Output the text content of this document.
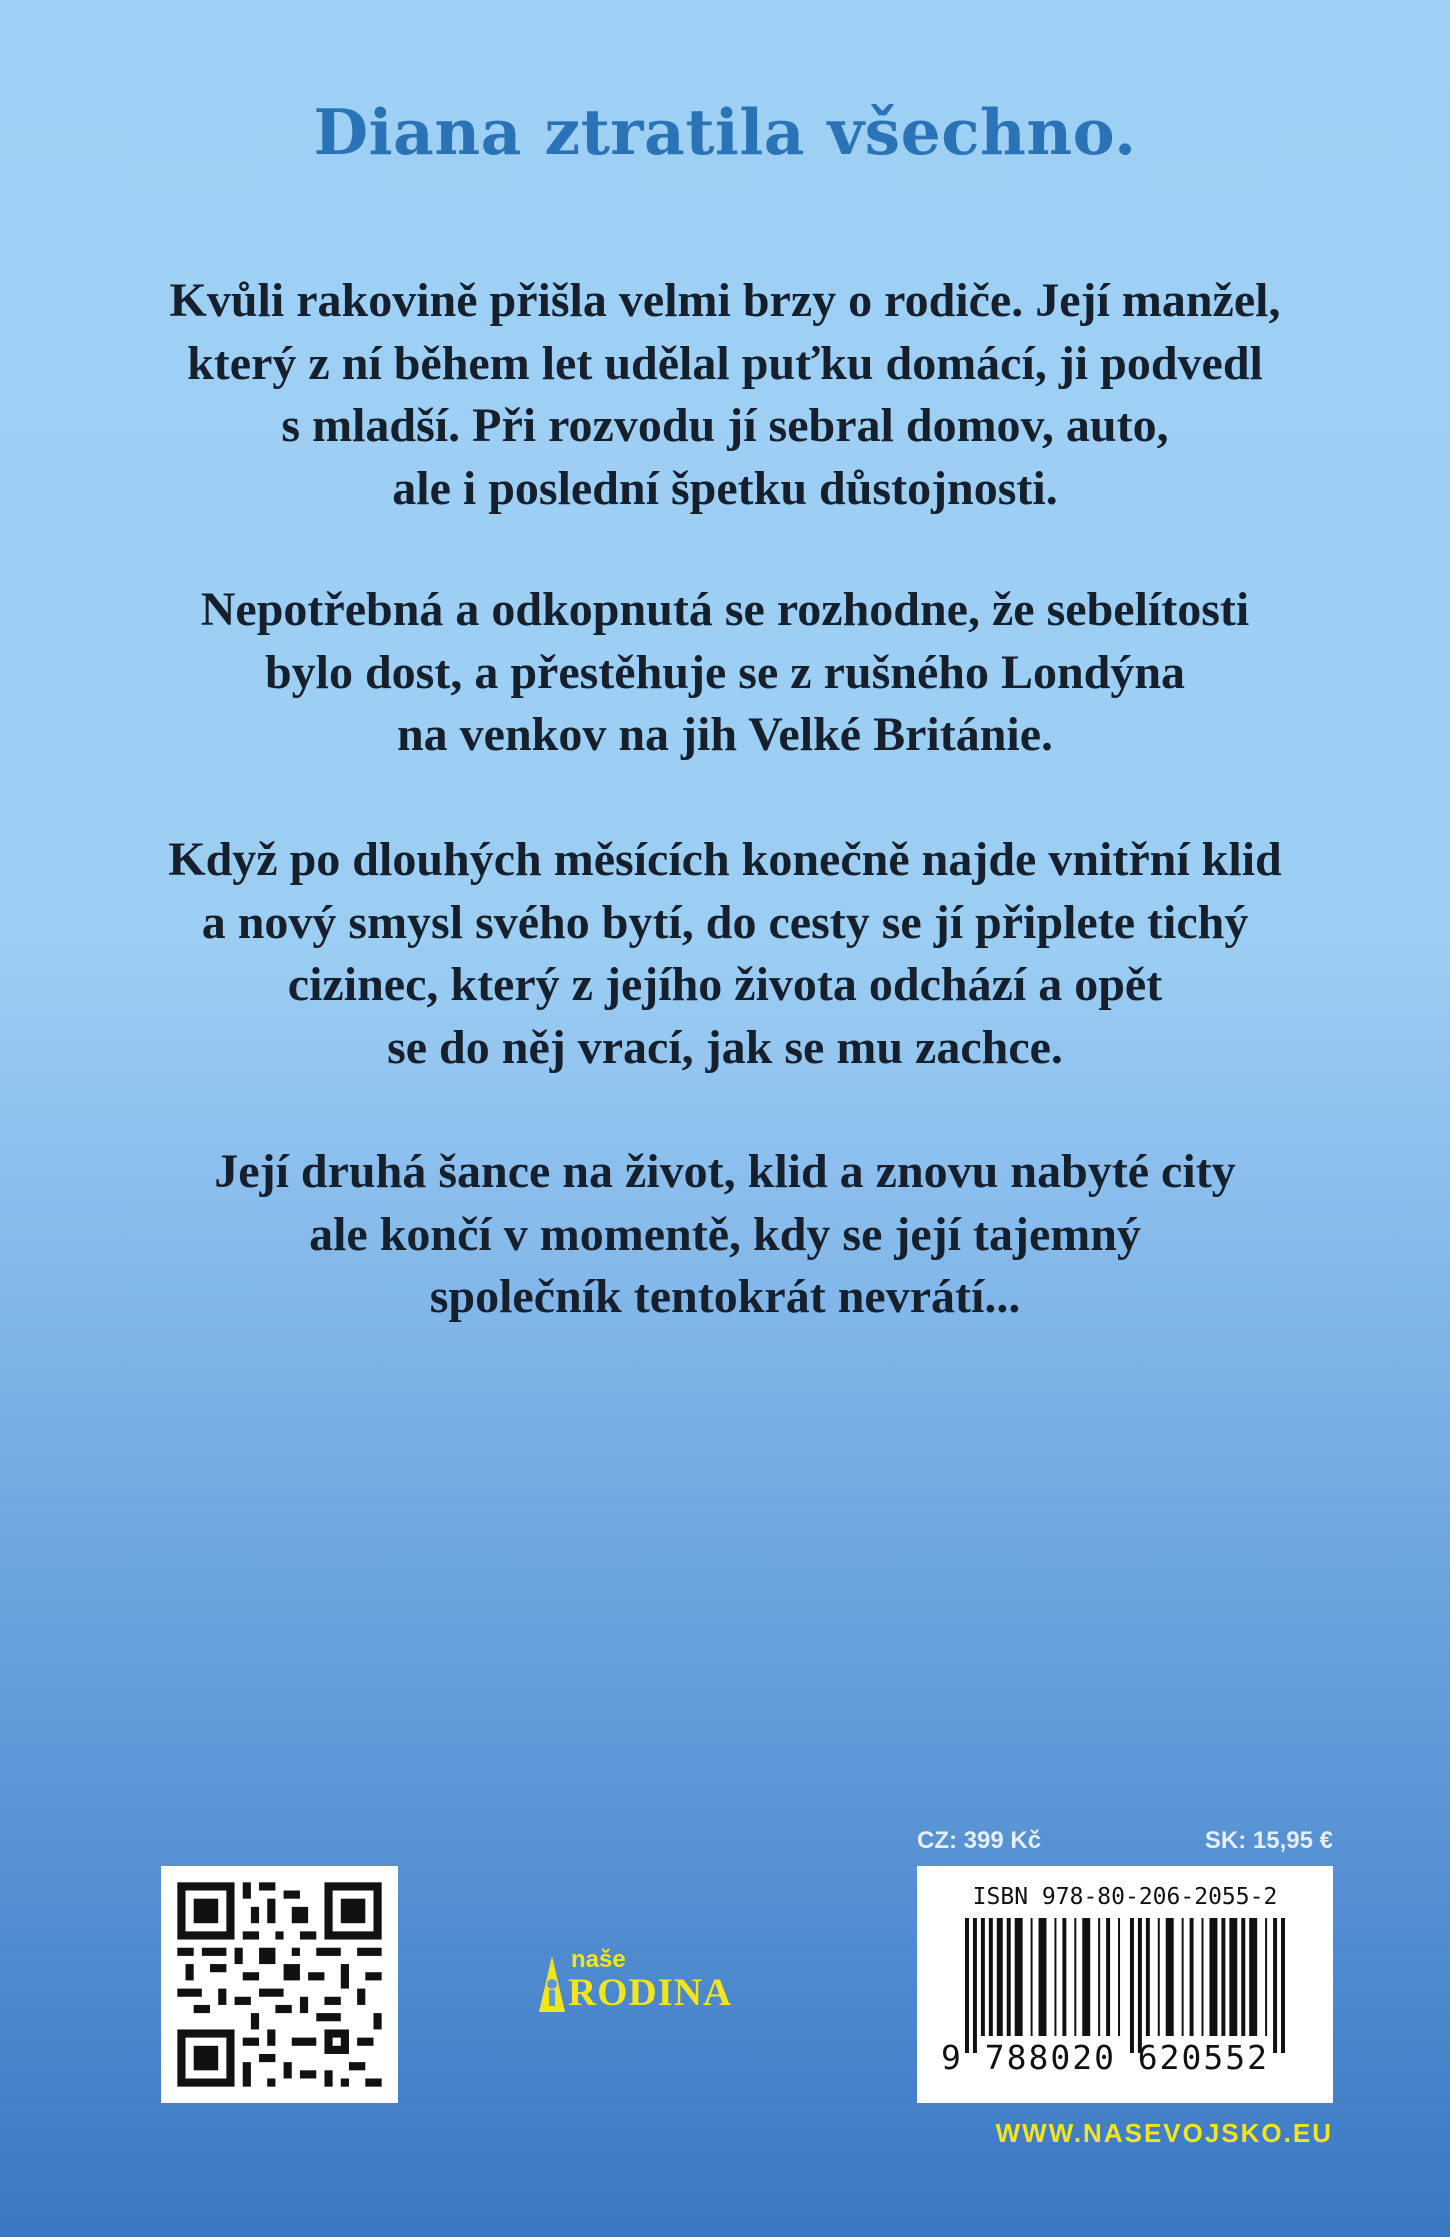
Diana ztratila všechno.
Kvůli rakovině přišla velmi brzy o rodiče. Její manžel,
který z ní během let udělal puťku domácí, ji podvedl
s mladší. Při rozvodu jí sebral domov, auto,
ale i poslední špetku důstojnosti.
Nepotřebná a odkopnutá se rozhodne, že sebelítosti
bylo dost, a přestěhuje se z rušného Londýna
na venkov na jih Velké Británie.
Když po dlouhých měsících konečně najde vnitřní klid
a nový smysl svého bytí, do cesty se jí připlete tichý
cizinec, který z jejího života odchází a opět
se do něj vrací, jak se mu zachce.
Její druhá šance na život, klid a znovu nabyté city
ale končí v momentě, kdy se její tajemný
společník tentokrát nevrátí...
naše
RODINA
CZ: 399 Kč	SK: 15,95 €
ISBN 978-80-206-2055-2
9 788020 620552
WWW.NASEVOJSKO.EU
